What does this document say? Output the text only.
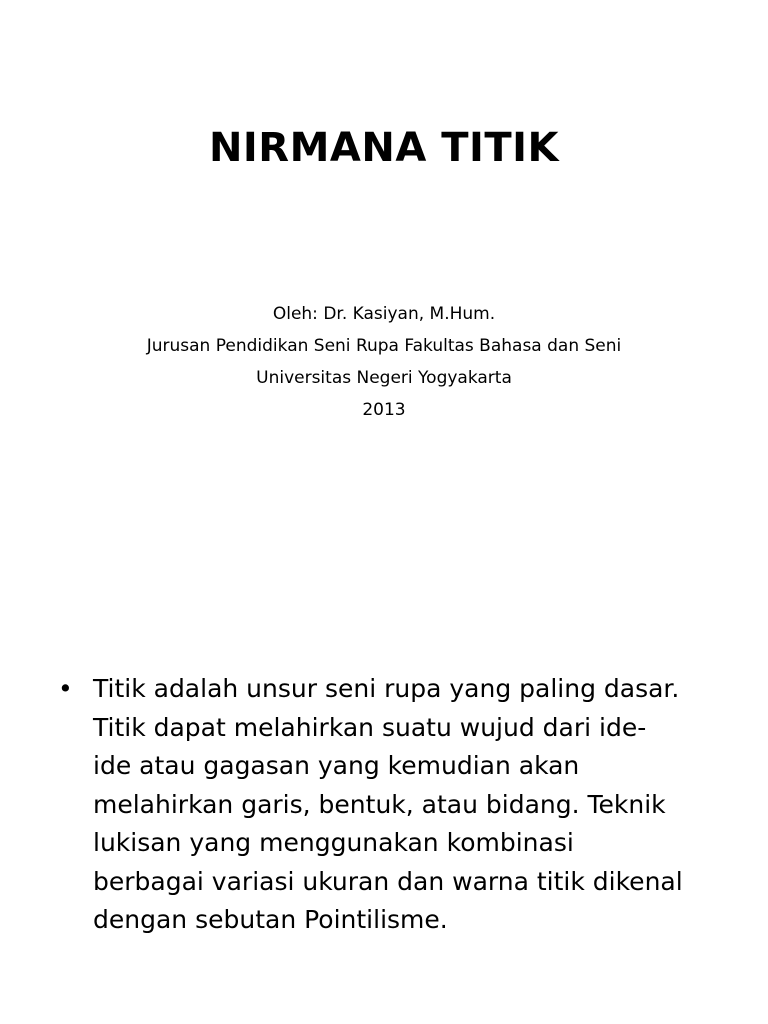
NIRMANA TITIK
Oleh: Dr. Kasiyan, M.Hum.
Jurusan Pendidikan Seni Rupa Fakultas Bahasa dan Seni
Universitas Negeri Yogyakarta
2013
• Titik adalah unsur seni rupa yang paling dasar.
Titik dapat melahirkan suatu wujud dari ide-
ide atau gagasan yang kemudian akan
melahirkan garis, bentuk, atau bidang. Teknik
lukisan yang menggunakan kombinasi
berbagai variasi ukuran dan warna titik dikenal
dengan sebutan Pointilisme.
